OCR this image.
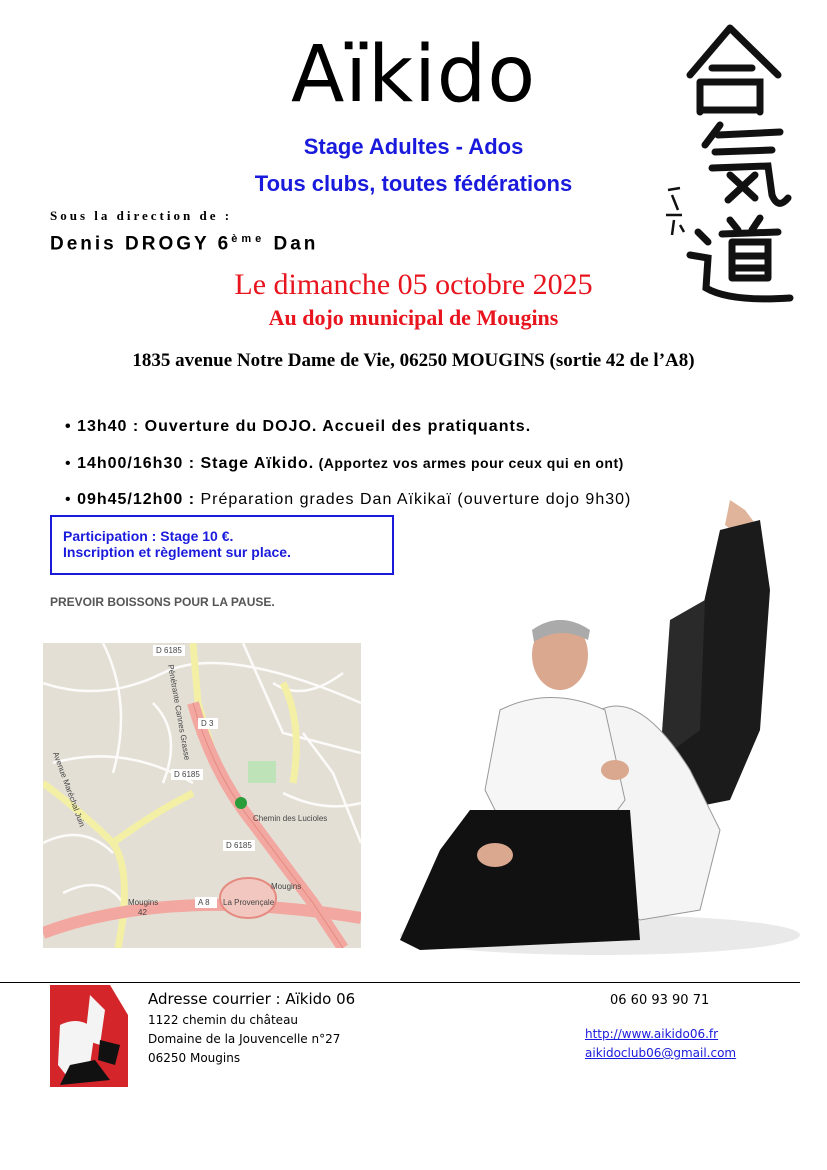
Aïkido
Stage Adultes - Ados
Tous clubs, toutes fédérations
Sous la direction de :
Denis DROGY 6ème Dan
Le dimanche 05 octobre 2025
Au dojo municipal de Mougins
1835 avenue Notre Dame de Vie, 06250 MOUGINS (sortie 42 de l’A8)
• 13h40 : Ouverture du DOJO. Accueil des pratiquants.
• 14h00/16h30 : Stage Aïkido. (Apportez vos armes pour ceux qui en ont)
• 09h45/12h00 : Préparation grades Dan Aïkikaï (ouverture dojo 9h30)
Participation : Stage 10 €.
Inscription et règlement sur place.
PREVOIR BOISSONS POUR LA PAUSE.
D 6185
D 3
D 6185
D 6185
A 8 La Provençale
Mougins
Mougins
42
Chemin des Lucioles
Avenue Maréchal Juin
Pénétrante Cannes Grasse
Adresse courrier : Aïkido 06
1122 chemin du château
Domaine de la Jouvencelle n°27
06250 Mougins
06 60 93 90 71
http://www.aikido06.fr
aikidoclub06@gmail.com
